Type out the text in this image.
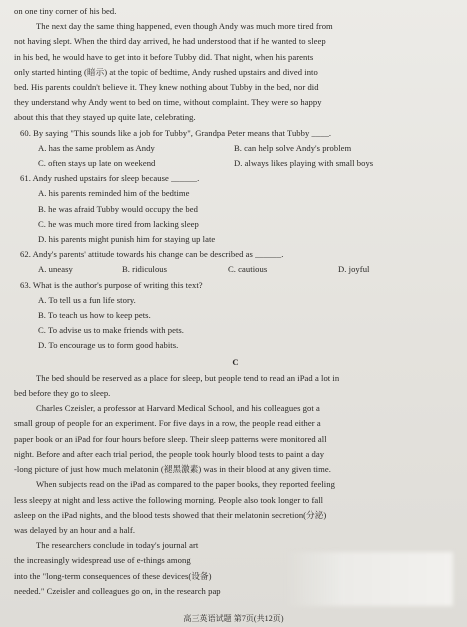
on one tiny corner of his bed.
The next day the same thing happened, even though Andy was much more tired from
not having slept. When the third day arrived, he had understood that if he wanted to sleep
in his bed, he would have to get into it before Tubby did. That night, when his parents
only started hinting (暗示) at the topic of bedtime, Andy rushed upstairs and dived into
bed. His parents couldn't believe it. They knew nothing about Tubby in the bed, nor did
they understand why Andy went to bed on time, without complaint. They were so happy
about this that they stayed up quite late, celebrating.
60. By saying "This sounds like a job for Tubby", Grandpa Peter means that Tubby ____.
A. has the same problem as Andy	B. can help solve Andy's problem
C. often stays up late on weekend	D. always likes playing with small boys
61. Andy rushed upstairs for sleep because ______.
A. his parents reminded him of the bedtime
B. he was afraid Tubby would occupy the bed
C. he was much more tired from lacking sleep
D. his parents might punish him for staying up late
62. Andy's parents' attitude towards his change can be described as ______.
A. uneasy	B. ridiculous	C. cautious	D. joyful
63. What is the author's purpose of writing this text?
A. To tell us a fun life story.
B. To teach us how to keep pets.
C. To advise us to make friends with pets.
D. To encourage us to form good habits.
C
The bed should be reserved as a place for sleep, but people tend to read an iPad a lot in
bed before they go to sleep.
Charles Czeisler, a professor at Harvard Medical School, and his colleagues got a
small group of people for an experiment. For five days in a row, the people read either a
paper book or an iPad for four hours before sleep. Their sleep patterns were monitored all
night. Before and after each trial period, the people took hourly blood tests to paint a day
-long picture of just how much melatonin (褪黑激素) was in their blood at any given time.
When subjects read on the iPad as compared to the paper books, they reported feeling
less sleepy at night and less active the following morning. People also took longer to fall
asleep on the iPad nights, and the blood tests showed that their melatonin secretion(分泌)
was delayed by an hour and a half.
The researchers conclude in today's journal art
the increasingly widespread use of e-things among
into the "long-term consequences of these devices(设备)
needed." Czeisler and colleagues go on, in the research pap
高三英语试题 第7页(共12页)
